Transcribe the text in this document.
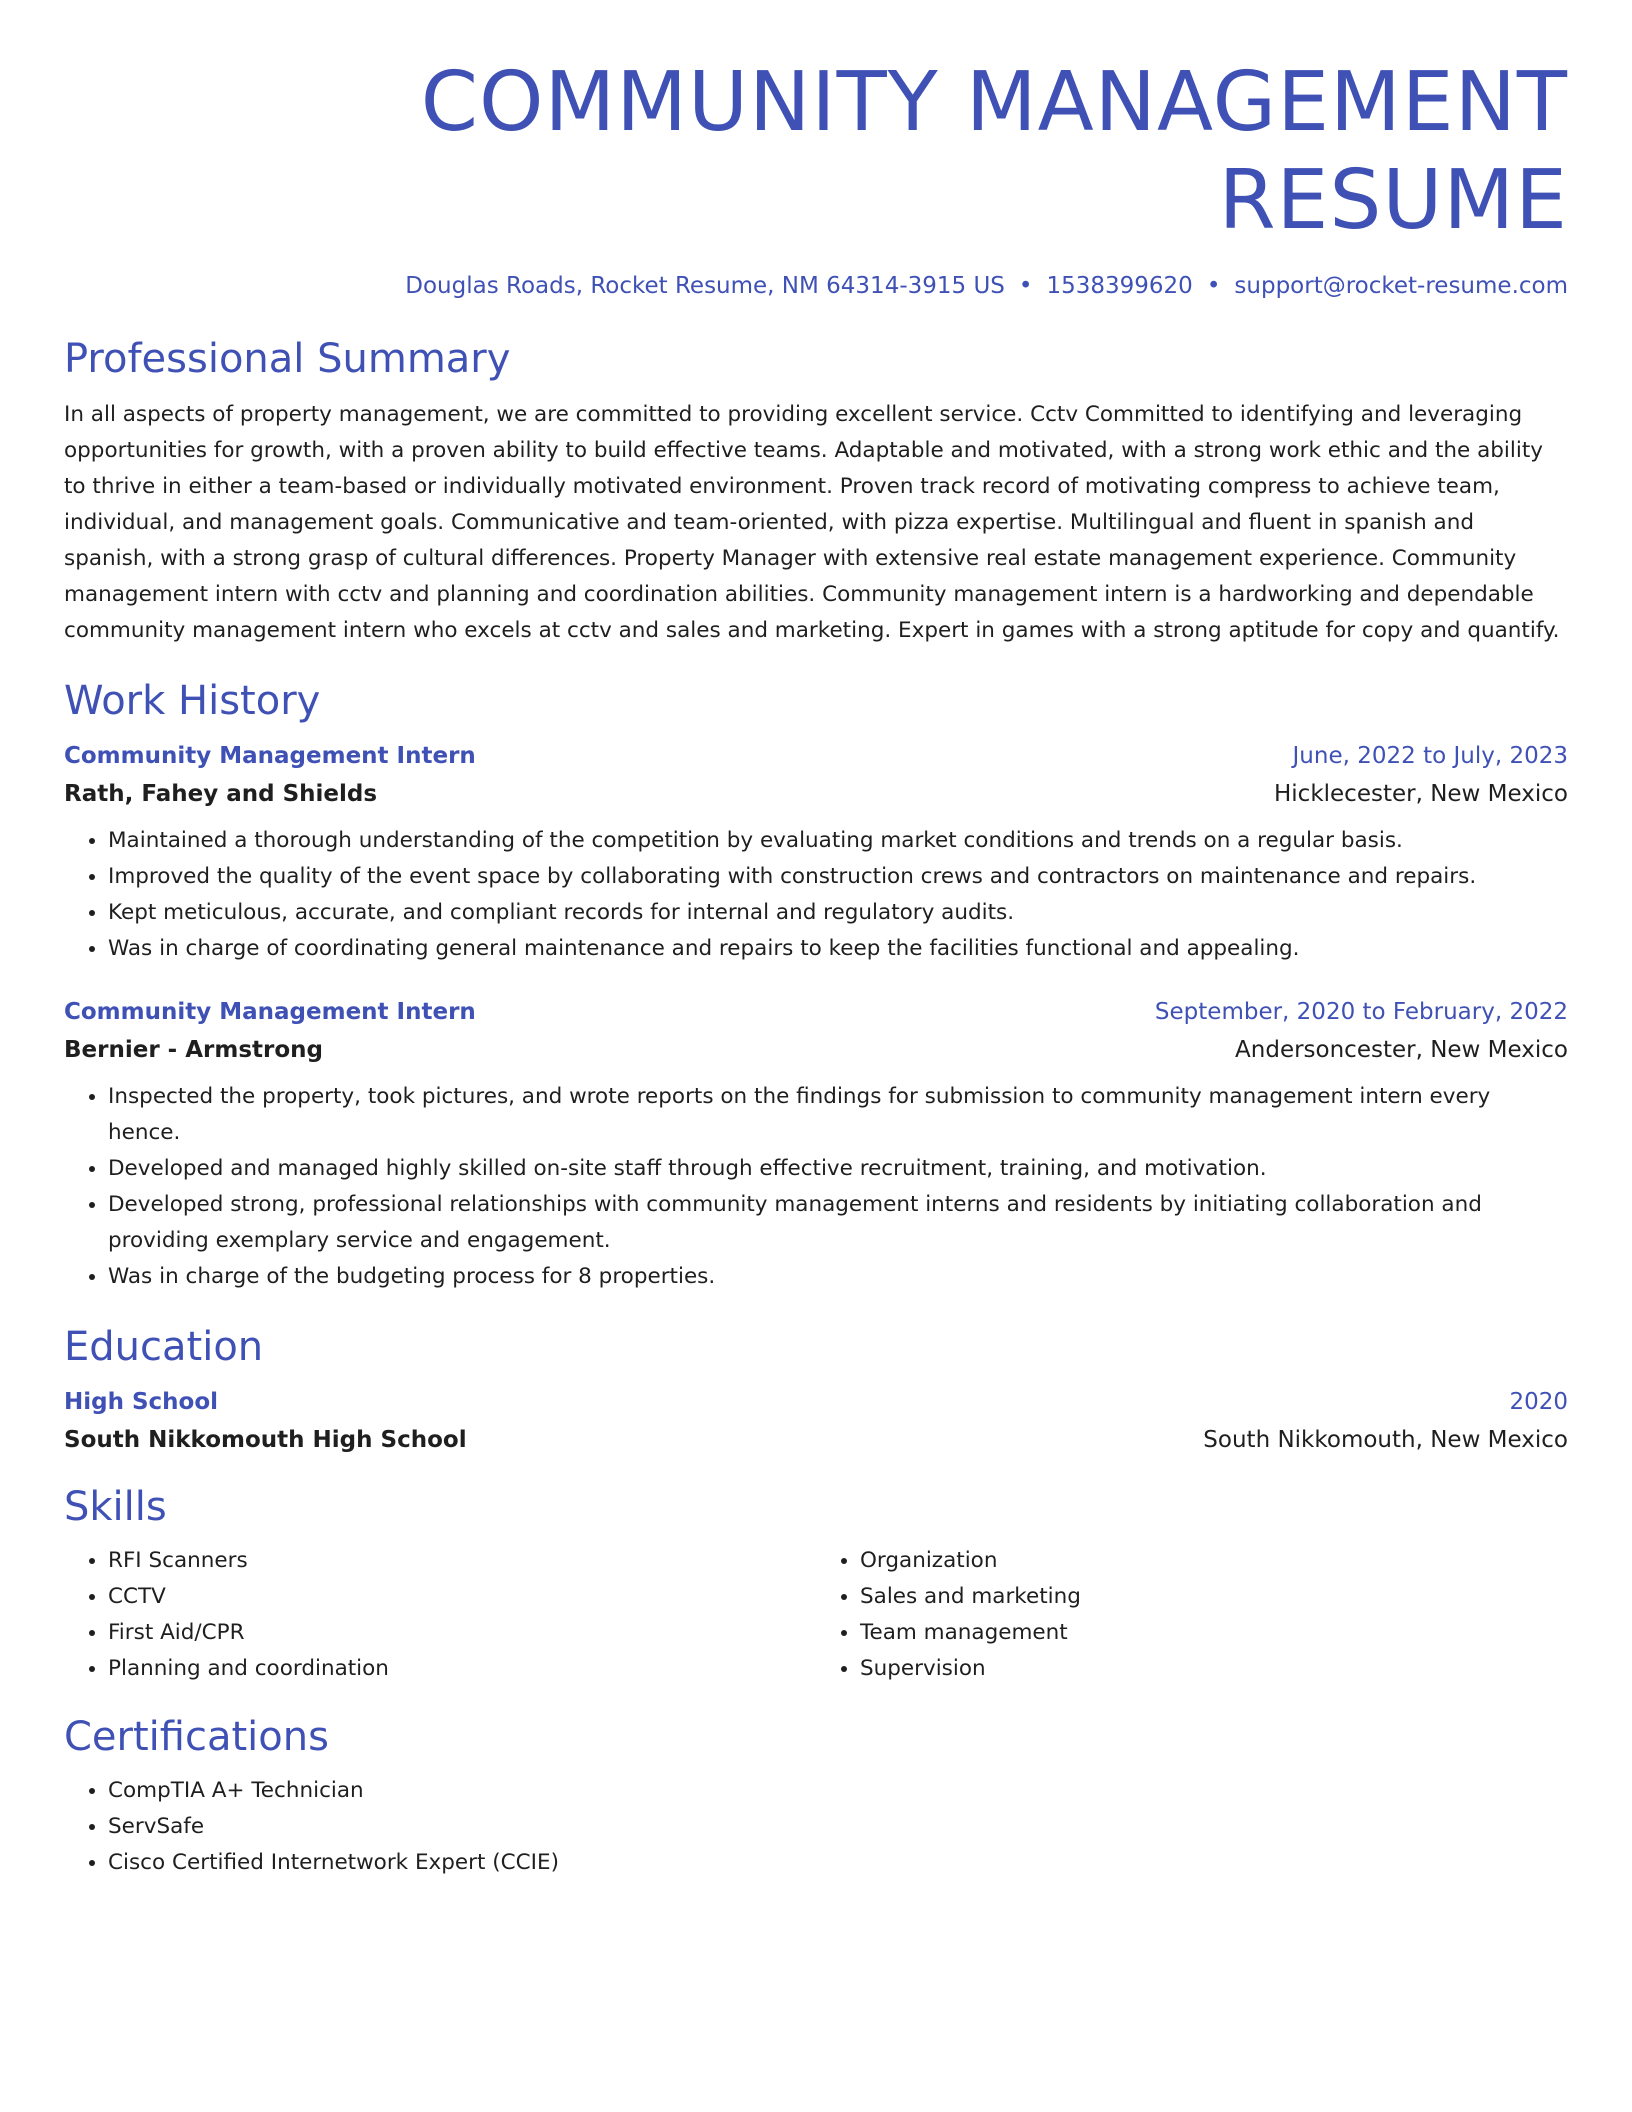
COMMUNITY MANAGEMENT RESUME
Douglas Roads, Rocket Resume, NM 64314-3915 US • 1538399620 • support@rocket-resume.com
Professional Summary

In all aspects of property management, we are committed to providing excellent service. Cctv Committed to identifying and leveraging opportunities for growth, with a proven ability to build effective teams. Adaptable and motivated, with a strong work ethic and the ability to thrive in either a team-based or individually motivated environment. Proven track record of motivating compress to achieve team, individual, and management goals. Communicative and team-oriented, with pizza expertise. Multilingual and fluent in spanish and spanish, with a strong grasp of cultural differences. Property Manager with extensive real estate management experience. Community management intern with cctv and planning and coordination abilities. Community management intern is a hardworking and dependable community management intern who excels at cctv and sales and marketing. Expert in games with a strong aptitude for copy and quantify.

Work History
Community Management Intern	June, 2022 to July, 2023
Rath, Fahey and Shields	Hicklecester, New Mexico
• Maintained a thorough understanding of the competition by evaluating market conditions and trends on a regular basis.
• Improved the quality of the event space by collaborating with construction crews and contractors on maintenance and repairs.
• Kept meticulous, accurate, and compliant records for internal and regulatory audits.
• Was in charge of coordinating general maintenance and repairs to keep the facilities functional and appealing.
Community Management Intern	September, 2020 to February, 2022
Bernier - Armstrong	Andersoncester, New Mexico
• Inspected the property, took pictures, and wrote reports on the findings for submission to community management intern every hence.
• Developed and managed highly skilled on-site staff through effective recruitment, training, and motivation.
• Developed strong, professional relationships with community management interns and residents by initiating collaboration and providing exemplary service and engagement.
• Was in charge of the budgeting process for 8 properties.
Education
High School	2020
South Nikkomouth High School	South Nikkomouth, New Mexico
Skills
• RFI Scanners
• CCTV
• First Aid/CPR
• Planning and coordination
• Organization
• Sales and marketing
• Team management
• Supervision
Certifications
• CompTIA A+ Technician
• ServSafe
• Cisco Certified Internetwork Expert (CCIE)
